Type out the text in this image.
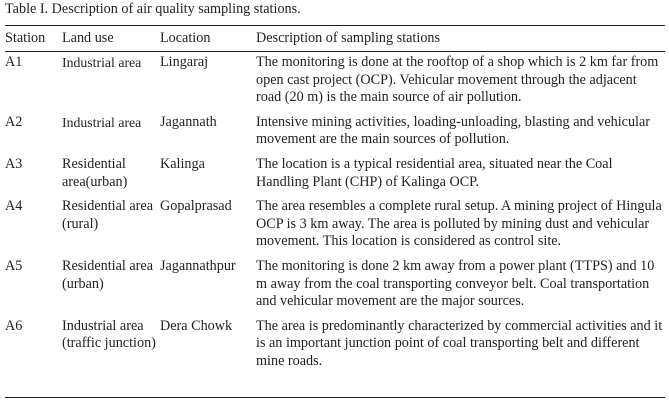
Table I. Description of air quality sampling stations.
Station	Land use	Location	Description of sampling stations
A1	Industrial area	Lingaraj	The monitoring is done at the rooftop of a shop which is 2 km far from open cast project (OCP). Vehicular movement through the adjacent road (20 m) is the main source of air pollution.
A2	Industrial area	Jagannath	Intensive mining activities, loading-unloading, blasting and vehicular movement are the main sources of pollution.
A3	Residential area(urban)	Kalinga	The location is a typical residential area, situated near the Coal Handling Plant (CHP) of Kalinga OCP.
A4	Residential area (rural)	Gopalprasad	The area resembles a complete rural setup. A mining project of Hingula OCP is 3 km away. The area is polluted by mining dust and vehicular movement. This location is considered as control site.
A5	Residential area (urban)	Jagannathpur	The monitoring is done 2 km away from a power plant (TTPS) and 10 m away from the coal transporting conveyor belt. Coal transportation and vehicular movement are the major sources.
A6	Industrial area (traffic junction)	Dera Chowk	The area is predominantly characterized by commercial activities and it is an important junction point of coal transporting belt and different mine roads.
